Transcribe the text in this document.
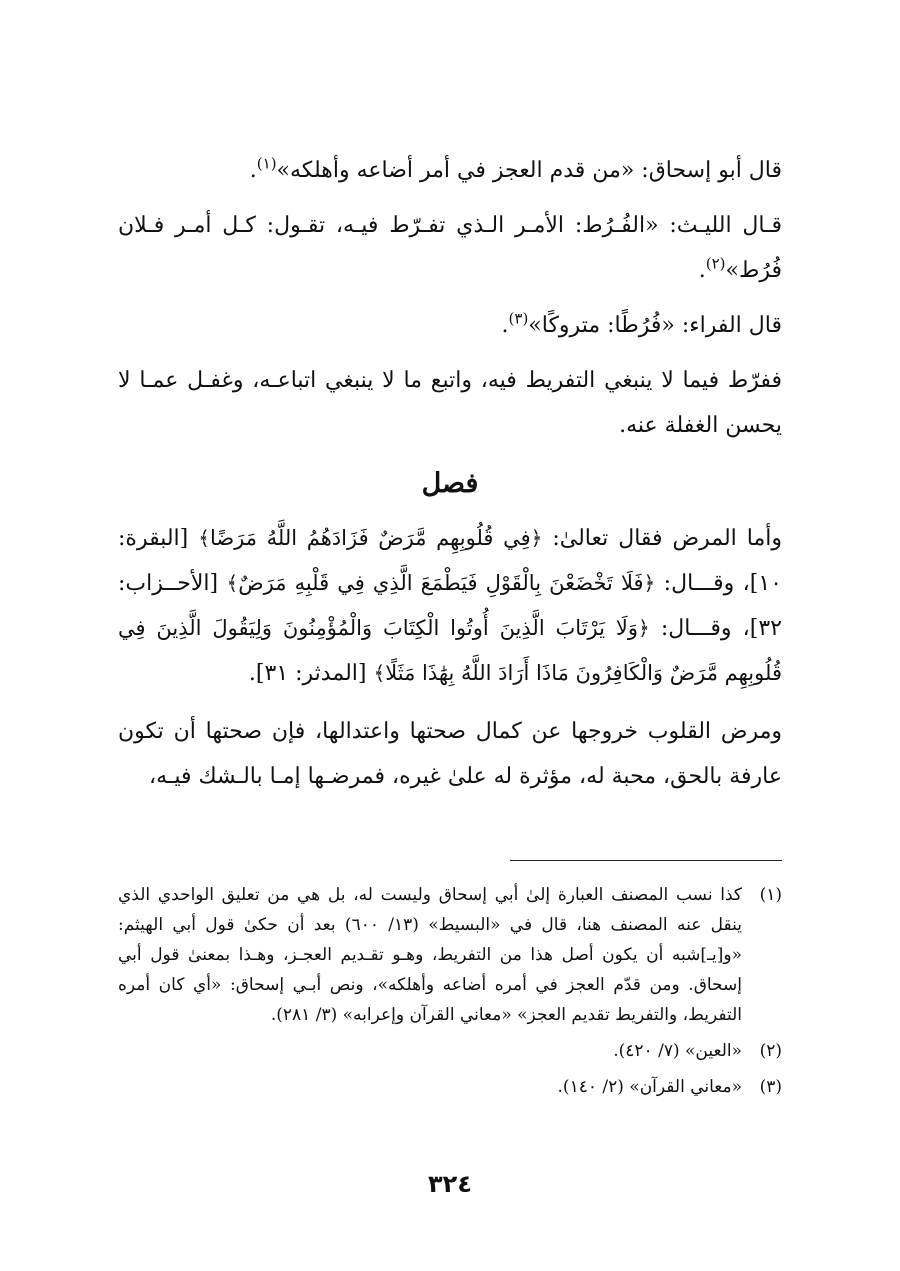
قال أبو إسحاق: «من قدم العجز في أمر أضاعه وأهلكه»$^{(١)}$.

قـال الليـث: «الفُـرُط: الأمـر الـذي تفـرّط فيـه، تقـول: كـل أمـر فـلان فُرُط»$^{(٢)}$.

قال الفراء: «فُرُطًا: متروكًا»$^{(٣)}$.

ففرّط فيما لا ينبغي التفريط فيه، واتبع ما لا ينبغي اتباعـه، وغفـل عمـا لا يحسن الغفلة عنه.

فصل

وأما المرض فقال تعالىٰ: ﴿فِي قُلُوبِهِم مَّرَضٌ فَزَادَهُمُ اللَّهُ مَرَضًا﴾ [البقرة: ١٠]، وقـــال: ﴿فَلَا تَخْضَعْنَ بِالْقَوْلِ فَيَطْمَعَ الَّذِي فِي قَلْبِهِ مَرَضٌ﴾ [الأحــزاب: ٣٢]، وقـــال: ﴿وَلَا يَرْتَابَ الَّذِينَ أُوتُوا الْكِتَابَ وَالْمُؤْمِنُونَ وَلِيَقُولَ الَّذِينَ فِي قُلُوبِهِم مَّرَضٌ وَالْكَافِرُونَ مَاذَا أَرَادَ اللَّهُ بِهَٰذَا مَثَلًا﴾ [المدثر: ٣١].

ومرض القلوب خروجها عن كمال صحتها واعتدالها، فإن صحتها أن تكون عارفة بالحق، محبة له، مؤثرة له علىٰ غيره، فمرضـها إمـا بالـشك فيـه،

(١)
كذا نسب المصنف العبارة إلىٰ أبي إسحاق وليست له، بل هي من تعليق الواحدي الذي ينقل عنه المصنف هنا، قال في «البسيط» (١٣/ ٦٠٠) بعد أن حكىٰ قول أبي الهيثم: «و[يـ]شبه أن يكون أصل هذا من التفريط، وهـو تقـديم العجـز، وهـذا بمعنىٰ قول أبي إسحاق. ومن قدّم العجز في أمره أضاعه وأهلكه»، ونص أبـي إسحاق: «أي كان أمره التفريط، والتفريط تقديم العجز» «معاني القرآن وإعرابه» (٣/ ٢٨١).
(٢)
«العين» (٧/ ٤٢٠).
(٣)
«معاني القرآن» (٢/ ١٤٠).
٣٢٤
